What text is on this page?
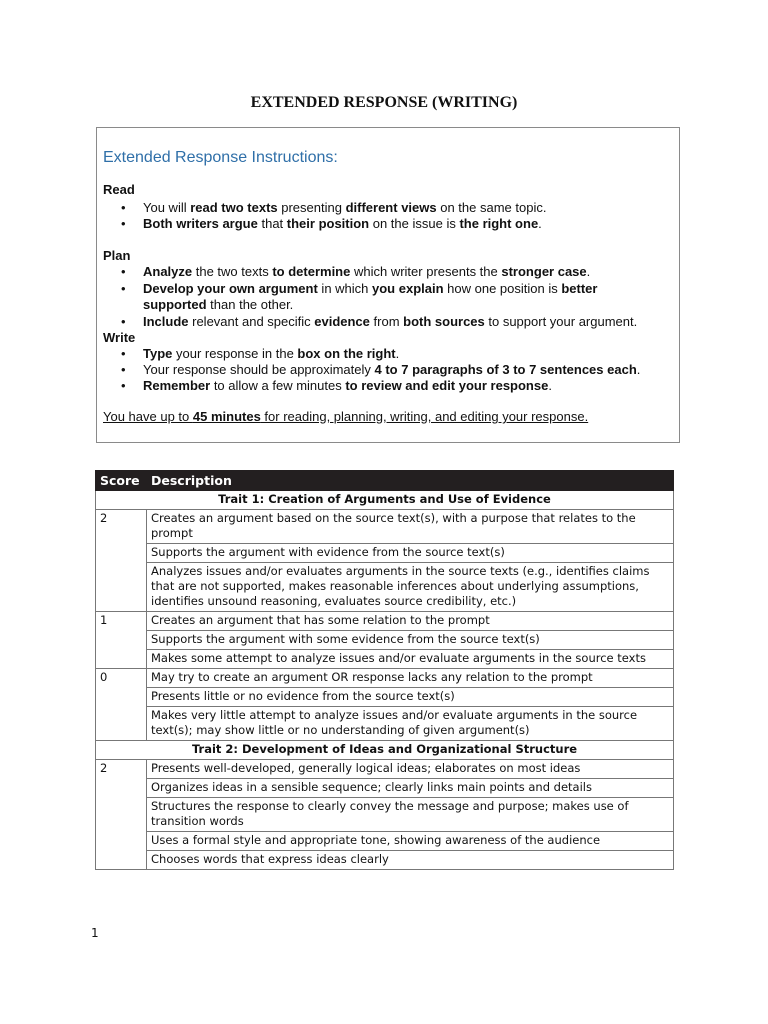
EXTENDED RESPONSE (WRITING)
Extended Response Instructions:
Read
• You will read two texts presenting different views on the same topic.
• Both writers argue that their position on the issue is the right one.
Plan
• Analyze the two texts to determine which writer presents the stronger case.
• Develop your own argument in which you explain how one position is better supported than the other.
• Include relevant and specific evidence from both sources to support your argument.
Write
• Type your response in the box on the right.
• Your response should be approximately 4 to 7 paragraphs of 3 to 7 sentences each.
• Remember to allow a few minutes to review and edit your response.
You have up to 45 minutes for reading, planning, writing, and editing your response.
Score	Description
Trait 1: Creation of Arguments and Use of Evidence	
2	Creates an argument based on the source text(s), with a purpose that relates to the prompt
	Supports the argument with evidence from the source text(s)
	Analyzes issues and/or evaluates arguments in the source texts (e.g., identifies claims that are not supported, makes reasonable inferences about underlying assumptions, identifies unsound reasoning, evaluates source credibility, etc.)
1	Creates an argument that has some relation to the prompt
	Supports the argument with some evidence from the source text(s)
	Makes some attempt to analyze issues and/or evaluate arguments in the source texts
0	May try to create an argument OR response lacks any relation to the prompt
	Presents little or no evidence from the source text(s)
	Makes very little attempt to analyze issues and/or evaluate arguments in the source text(s); may show little or no understanding of given argument(s)
Trait 2: Development of Ideas and Organizational Structure	
2	Presents well-developed, generally logical ideas; elaborates on most ideas
	Organizes ideas in a sensible sequence; clearly links main points and details
	Structures the response to clearly convey the message and purpose; makes use of transition words
	Uses a formal style and appropriate tone, showing awareness of the audience
	Chooses words that express ideas clearly
1
